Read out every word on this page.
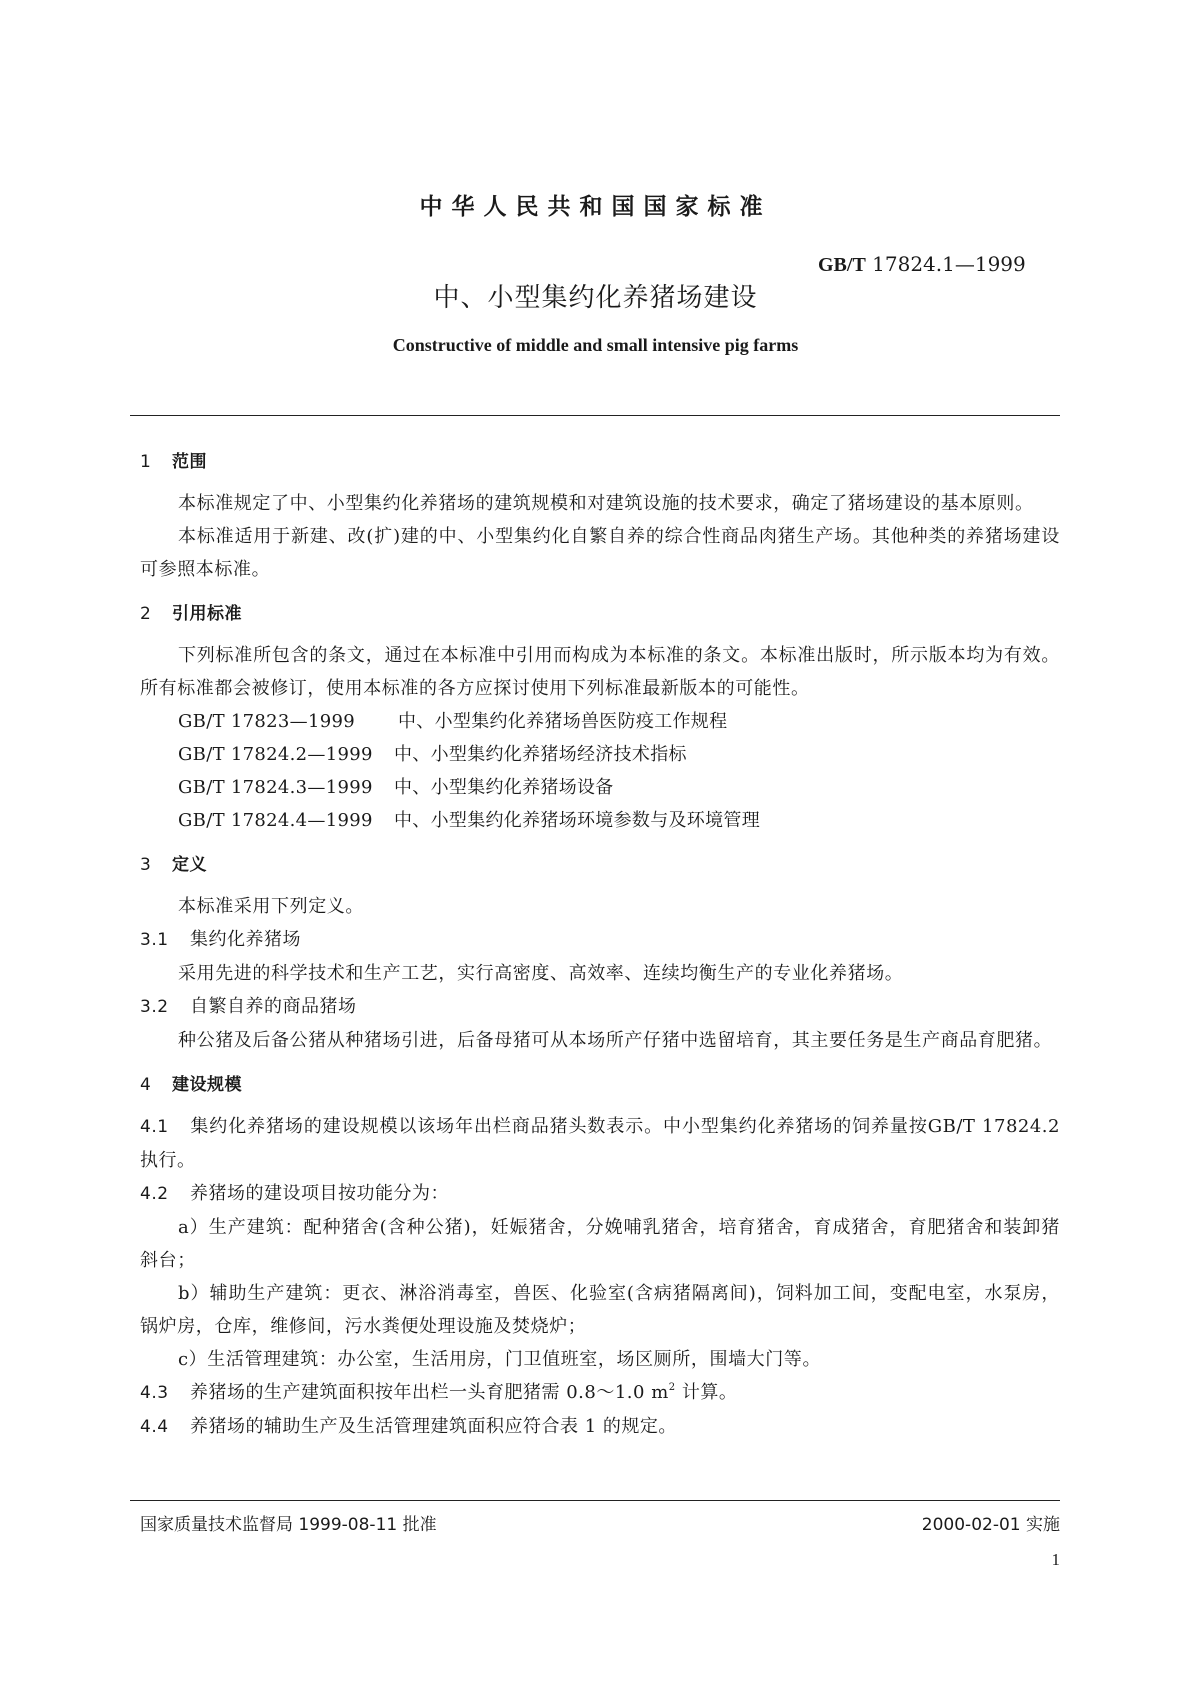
中华人民共和国国家标准
GB/T 17824.1—1999
中、小型集约化养猪场建设
Constructive of middle and small intensive pig farms
1 范围
本标准规定了中、小型集约化养猪场的建筑规模和对建筑设施的技术要求，确定了猪场建设的基本原则。
本标准适用于新建、改(扩)建的中、小型集约化自繁自养的综合性商品肉猪生产场。其他种类的养猪场建设可参照本标准。
2 引用标准
下列标准所包含的条文，通过在本标准中引用而构成为本标准的条文。本标准出版时，所示版本均为有效。所有标准都会被修订，使用本标准的各方应探讨使用下列标准最新版本的可能性。
GB/T 17823—1999 中、小型集约化养猪场兽医防疫工作规程
GB/T 17824.2—1999 中、小型集约化养猪场经济技术指标
GB/T 17824.3—1999 中、小型集约化养猪场设备
GB/T 17824.4—1999 中、小型集约化养猪场环境参数与及环境管理
3 定义
本标准采用下列定义。
3.1 集约化养猪场
采用先进的科学技术和生产工艺，实行高密度、高效率、连续均衡生产的专业化养猪场。
3.2 自繁自养的商品猪场
种公猪及后备公猪从种猪场引进，后备母猪可从本场所产仔猪中选留培育，其主要任务是生产商品育肥猪。
4 建设规模
4.1 集约化养猪场的建设规模以该场年出栏商品猪头数表示。中小型集约化养猪场的饲养量按GB/T 17824.2执行。
4.2 养猪场的建设项目按功能分为：
a）生产建筑：配种猪舍(含种公猪)，妊娠猪舍，分娩哺乳猪舍，培育猪舍，育成猪舍，育肥猪舍和装卸猪斜台；
b）辅助生产建筑：更衣、淋浴消毒室，兽医、化验室(含病猪隔离间)，饲料加工间，变配电室，水泵房，锅炉房，仓库，维修间，污水粪便处理设施及焚烧炉；
c）生活管理建筑：办公室，生活用房，门卫值班室，场区厕所，围墙大门等。
4.3 养猪场的生产建筑面积按年出栏一头育肥猪需 0.8～1.0 $m^2$ 计算。
4.4 养猪场的辅助生产及生活管理建筑面积应符合表 1 的规定。
国家质量技术监督局 1999-08-11 批准	2000-02-01 实施
1
